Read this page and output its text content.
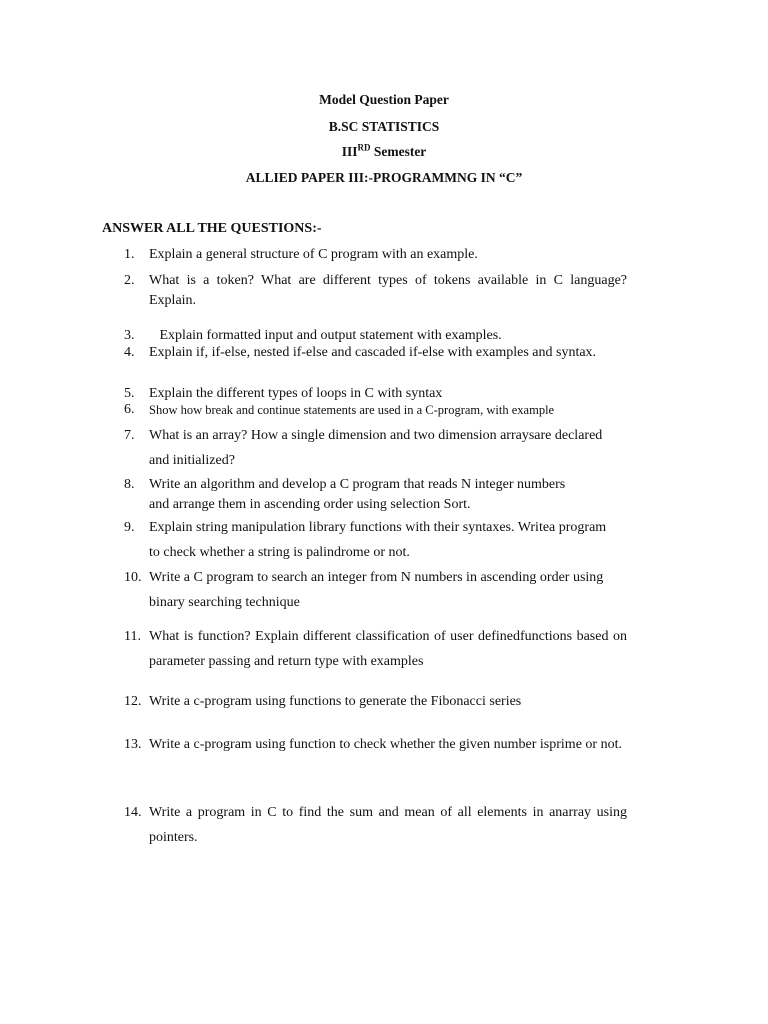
Model Question Paper
B.SC STATISTICS
IIIRD Semester
ALLIED PAPER III:-PROGRAMMNG IN “C”
ANSWER ALL THE QUESTIONS:-
1. Explain a general structure of C program with an example.
2. What is a token? What are different types of tokens available in C language? Explain.
3. Explain formatted input and output statement with examples.
4. Explain if, if-else, nested if-else and cascaded if-else with examples and syntax.
5. Explain the different types of loops in C with syntax
6. Show how break and continue statements are used in a C-program, with example
7. What is an array? How a single dimension and two dimension arraysare declared and initialized?
8. Write an algorithm and develop a C program that reads N integer numbers and arrange them in ascending order using selection Sort.
9. Explain string manipulation library functions with their syntaxes. Writea program to check whether a string is palindrome or not.
10. Write a C program to search an integer from N numbers in ascending order using binary searching technique
11. What is function? Explain different classification of user definedfunctions based on parameter passing and return type with examples
12. Write a c-program using functions to generate the Fibonacci series
13. Write a c-program using function to check whether the given number isprime or not.
14. Write a program in C to find the sum and mean of all elements in anarray using pointers.
